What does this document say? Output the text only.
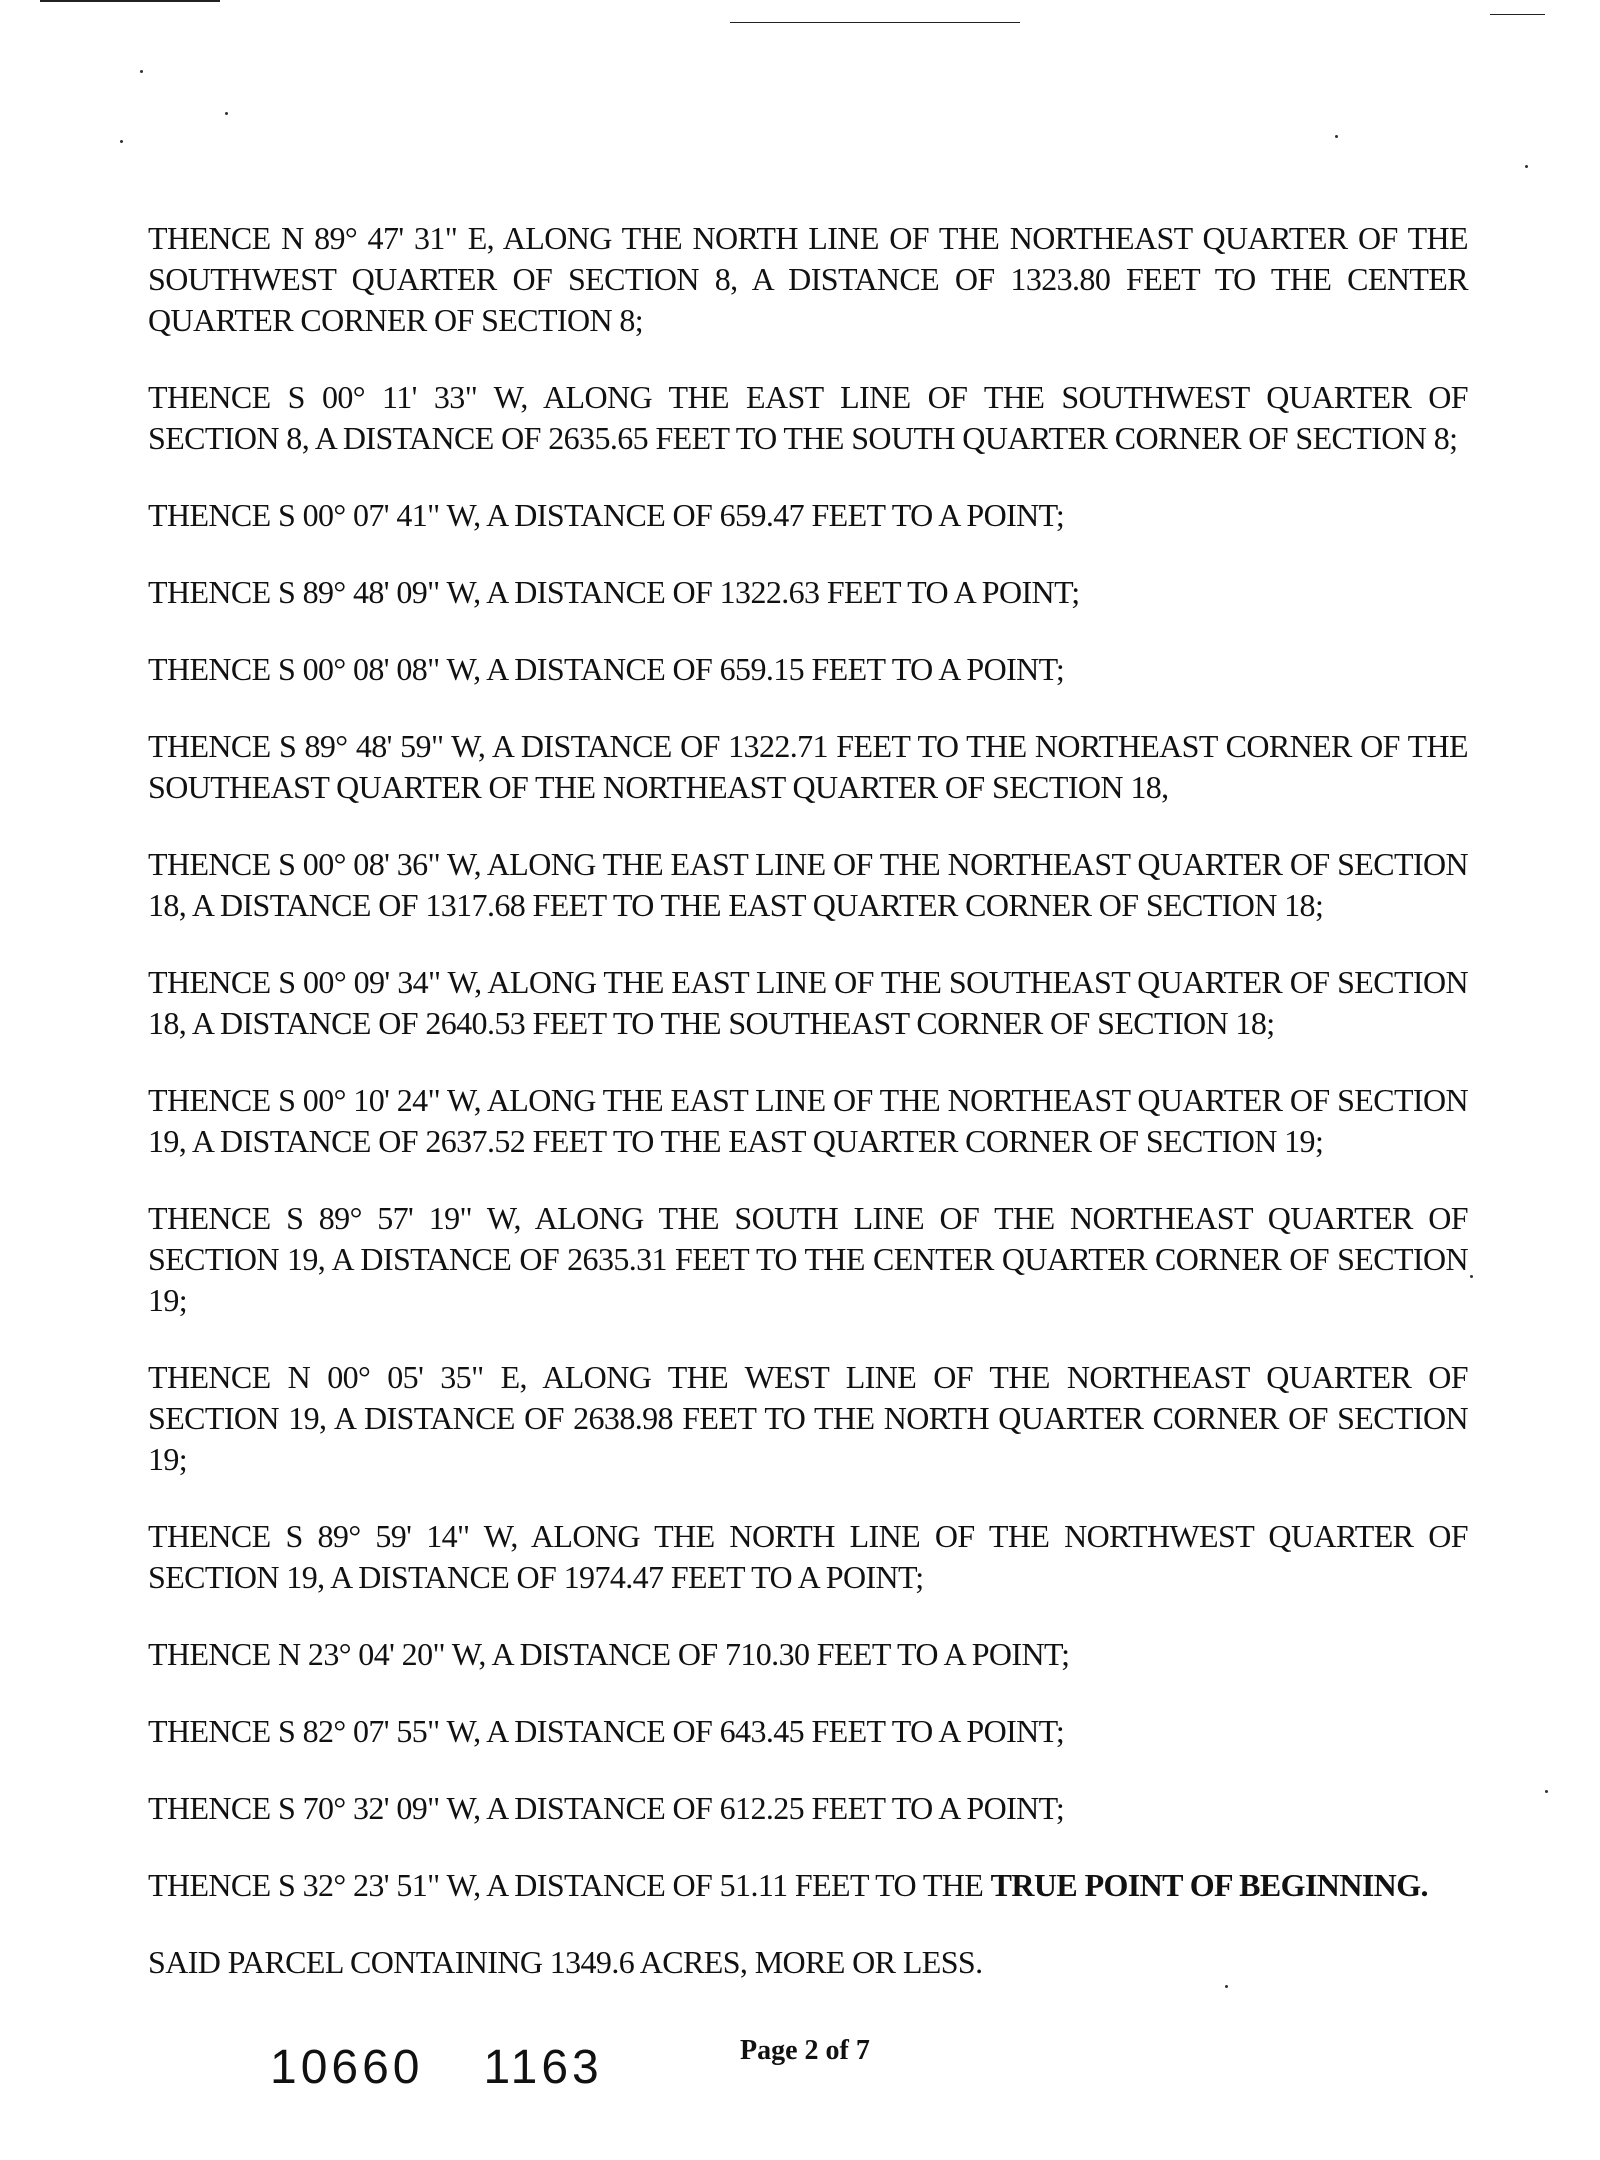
THENCE N 89° 47' 31" E, ALONG THE NORTH LINE OF THE NORTHEAST QUARTER OF THE SOUTHWEST QUARTER OF SECTION 8, A DISTANCE OF 1323.80 FEET TO THE CENTER QUARTER CORNER OF SECTION 8;

THENCE S 00° 11' 33" W, ALONG THE EAST LINE OF THE SOUTHWEST QUARTER OF SECTION 8, A DISTANCE OF 2635.65 FEET TO THE SOUTH QUARTER CORNER OF SECTION 8;

THENCE S 00° 07' 41" W, A DISTANCE OF 659.47 FEET TO A POINT;

THENCE S 89° 48' 09" W, A DISTANCE OF 1322.63 FEET TO A POINT;

THENCE S 00° 08' 08" W, A DISTANCE OF 659.15 FEET TO A POINT;

THENCE S 89° 48' 59" W, A DISTANCE OF 1322.71 FEET TO THE NORTHEAST CORNER OF THE SOUTHEAST QUARTER OF THE NORTHEAST QUARTER OF SECTION 18,

THENCE S 00° 08' 36" W, ALONG THE EAST LINE OF THE NORTHEAST QUARTER OF SECTION 18, A DISTANCE OF 1317.68 FEET TO THE EAST QUARTER CORNER OF SECTION 18;

THENCE S 00° 09' 34" W, ALONG THE EAST LINE OF THE SOUTHEAST QUARTER OF SECTION 18, A DISTANCE OF 2640.53 FEET TO THE SOUTHEAST CORNER OF SECTION 18;

THENCE S 00° 10' 24" W, ALONG THE EAST LINE OF THE NORTHEAST QUARTER OF SECTION 19, A DISTANCE OF 2637.52 FEET TO THE EAST QUARTER CORNER OF SECTION 19;

THENCE S 89° 57' 19" W, ALONG THE SOUTH LINE OF THE NORTHEAST QUARTER OF SECTION 19, A DISTANCE OF 2635.31 FEET TO THE CENTER QUARTER CORNER OF SECTION 19;

THENCE N 00° 05' 35" E, ALONG THE WEST LINE OF THE NORTHEAST QUARTER OF SECTION 19, A DISTANCE OF 2638.98 FEET TO THE NORTH QUARTER CORNER OF SECTION 19;

THENCE S 89° 59' 14" W, ALONG THE NORTH LINE OF THE NORTHWEST QUARTER OF SECTION 19, A DISTANCE OF 1974.47 FEET TO A POINT;

THENCE N 23° 04' 20" W, A DISTANCE OF 710.30 FEET TO A POINT;

THENCE S 82° 07' 55" W, A DISTANCE OF 643.45 FEET TO A POINT;

THENCE S 70° 32' 09" W, A DISTANCE OF 612.25 FEET TO A POINT;

THENCE S 32° 23' 51" W, A DISTANCE OF 51.11 FEET TO THE TRUE POINT OF BEGINNING.

SAID PARCEL CONTAINING 1349.6 ACRES, MORE OR LESS.

10660 1163	Page 2 of 7
